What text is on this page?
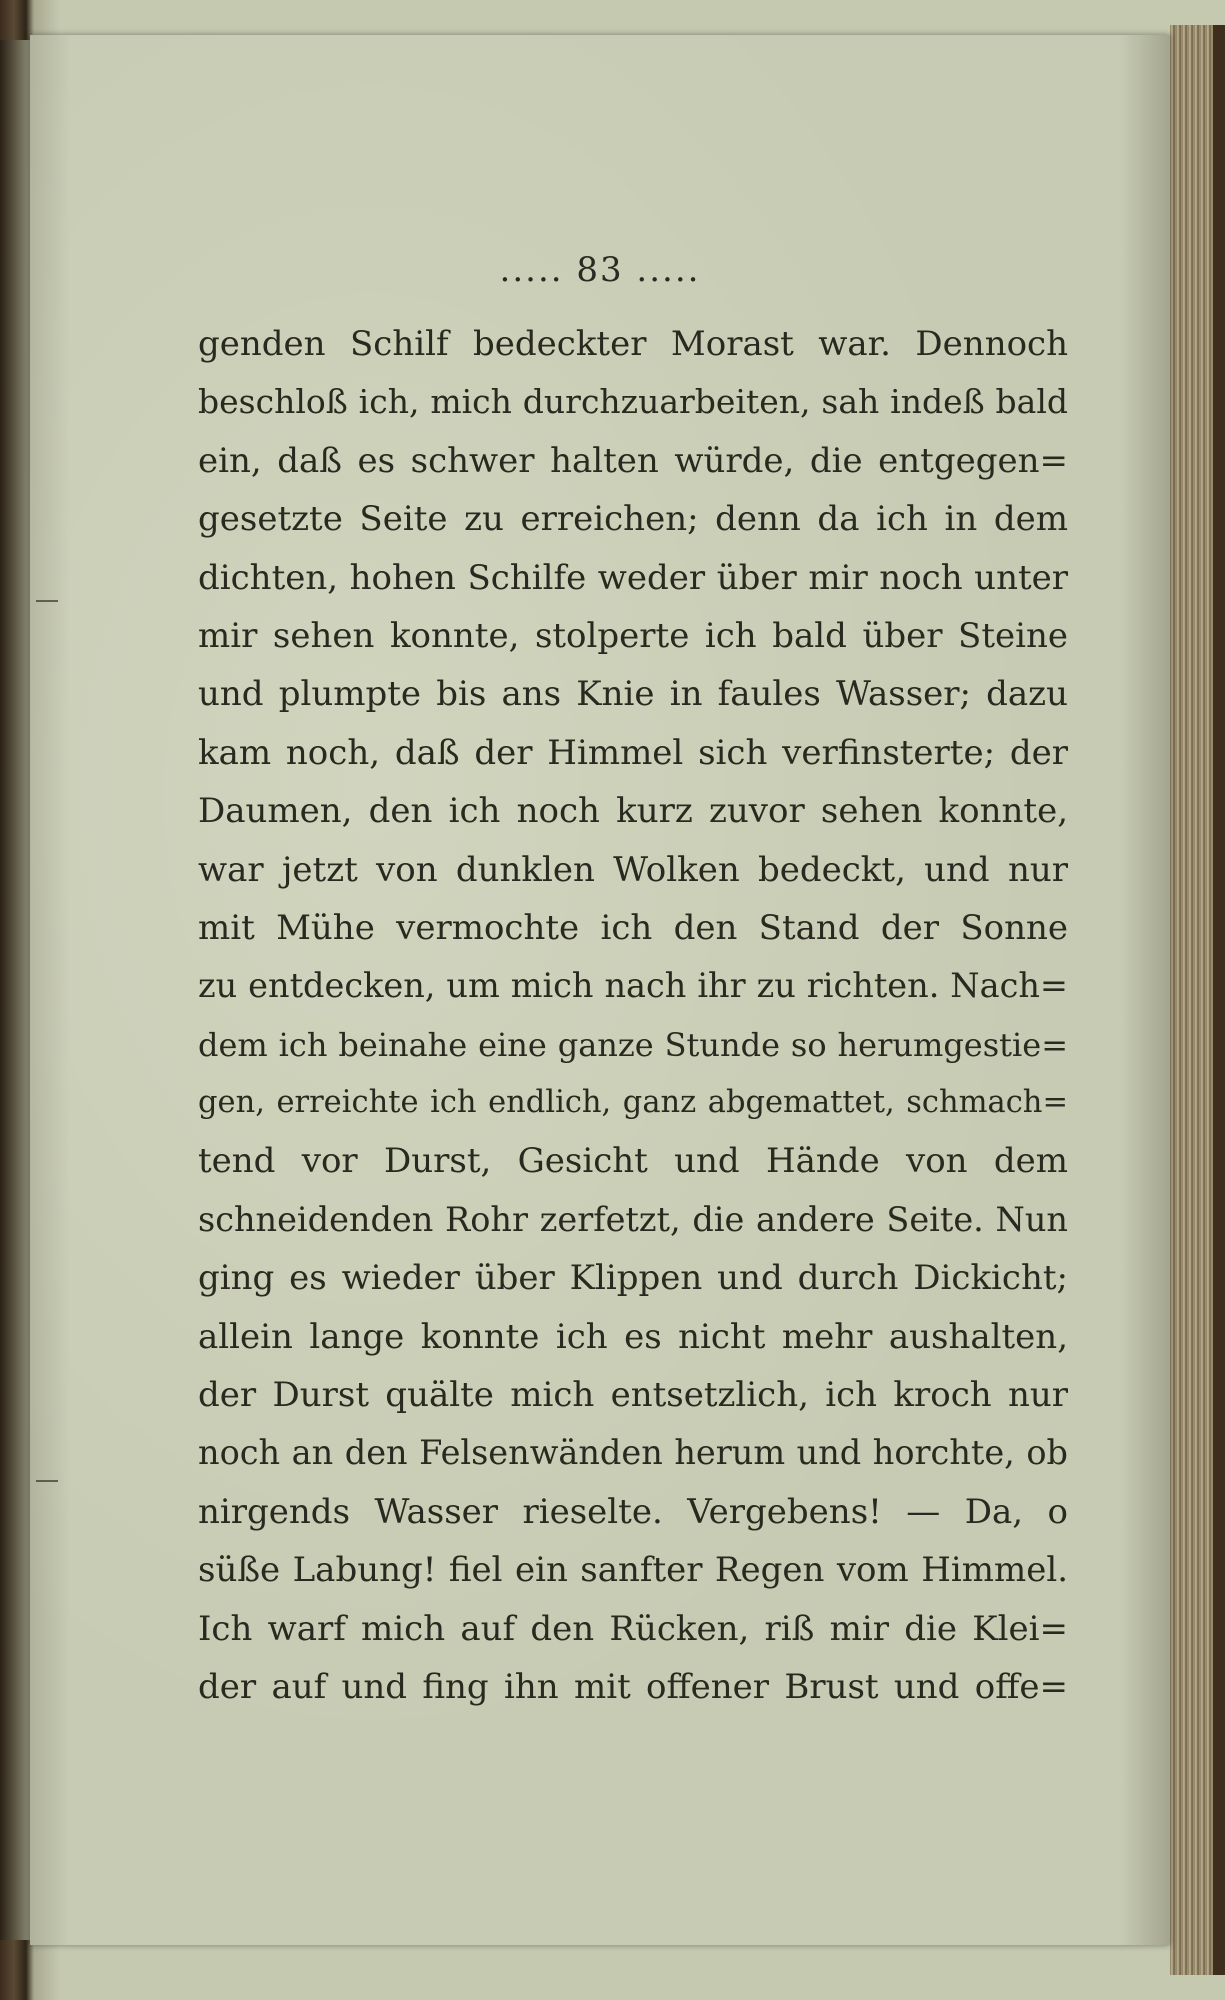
..... 83 .....
genden Schilf bedeckter Morast war. Dennoch
beschloß ich, mich durchzuarbeiten, sah indeß bald
ein, daß es schwer halten würde, die entgegen=
gesetzte Seite zu erreichen; denn da ich in dem
dichten, hohen Schilfe weder über mir noch unter
mir sehen konnte, stolperte ich bald über Steine
und plumpte bis ans Knie in faules Wasser; dazu
kam noch, daß der Himmel sich verfinsterte; der
Daumen, den ich noch kurz zuvor sehen konnte,
war jetzt von dunklen Wolken bedeckt, und nur
mit Mühe vermochte ich den Stand der Sonne
zu entdecken, um mich nach ihr zu richten. Nach=
dem ich beinahe eine ganze Stunde so herumgestie=
gen, erreichte ich endlich, ganz abgemattet, schmach=
tend vor Durst, Gesicht und Hände von dem
schneidenden Rohr zerfetzt, die andere Seite. Nun
ging es wieder über Klippen und durch Dickicht;
allein lange konnte ich es nicht mehr aushalten,
der Durst quälte mich entsetzlich, ich kroch nur
noch an den Felsenwänden herum und horchte, ob
nirgends Wasser rieselte. Vergebens! — Da, o
süße Labung! fiel ein sanfter Regen vom Himmel.
Ich warf mich auf den Rücken, riß mir die Klei=
der auf und fing ihn mit offener Brust und offe=
